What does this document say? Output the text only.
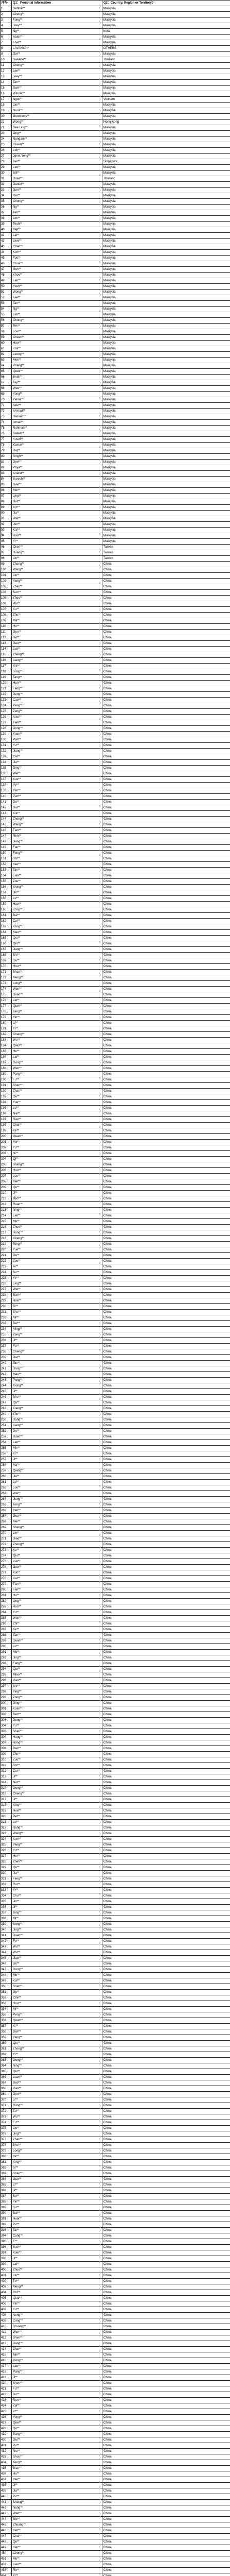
序号	Q1：Personal Information	Q2：Country, Region or Territory?
1	Debbie**	Malaysia
2	Cheng**	Malaysia
3	Fong**	Malaysia
4	Joey**	Malaysia
5	Ng**	India
6	Aban**	Malaysia
7	Low**	Malaysia
8	LAVANYA**	OTHERS
9	Dai**	Malaysia
10	Sweetie**	Thailand
11	Cheng**	Malaysia
12	Lee**	Malaysia
13	Joey**	Malaysia
14	Tan**	Malaysia
15	Sam**	Malaysia
16	Winnie**	Malaysia
17	Ngoc**	Vietnam
18	Lim**	Malaysia
19	Nurul**	Malaysia
20	Goodness**	Malaysia
21	Wong**	Hong Kong
22	Bee Ling**	Malaysia
23	Ong**	Malaysia
24	Rangam**	Malaysia
25	Kasen**	Malaysia
26	Loh**	Malaysia
27	Janet Yong**	Malaysia
28	Tan**	Singapore
29	Lee**	Malaysia
30	Siti**	Malaysia
31	Rose**	Thailand
32	Daniel**	Malaysia
33	Gan**	Malaysia
34	Ooi**	Malaysia
35	Chong**	Malaysia
36	Ng**	Malaysia
37	Tan**	Malaysia
38	Lim**	Malaysia
39	Teoh**	Malaysia
40	Yap**	Malaysia
41	Lai**	Malaysia
42	Liew**	Malaysia
43	Chan**	Malaysia
44	Koh**	Malaysia
45	Foo**	Malaysia
46	Chua**	Malaysia
47	Goh**	Malaysia
48	Khoo**	Malaysia
49	Lau**	Malaysia
50	Yeoh**	Malaysia
51	Wong**	Malaysia
52	Lee**	Malaysia
53	Tan**	Malaysia
54	Ng**	Malaysia
55	Lim**	Malaysia
56	Chong**	Malaysia
57	Teh**	Malaysia
58	Low**	Malaysia
59	Cheah**	Malaysia
60	Hoo**	Malaysia
61	Kok**	Malaysia
62	Leong**	Malaysia
63	Mok**	Malaysia
64	Phang**	Malaysia
65	Quek**	Malaysia
66	Seah**	Malaysia
67	Tay**	Malaysia
68	Wee**	Malaysia
69	Yong**	Malaysia
70	Zainal**	Malaysia
71	Aziz**	Malaysia
72	Ahmad**	Malaysia
73	Hassan**	Malaysia
74	Ismail**	Malaysia
75	Rahman**	Malaysia
76	Salleh**	Malaysia
77	Yusof**	Malaysia
78	Kumar**	Malaysia
79	Raj**	Malaysia
80	Singh**	Malaysia
81	Devi**	Malaysia
82	Priya**	Malaysia
83	Anand**	Malaysia
84	Suresh**	Malaysia
85	Ravi**	Malaysia
86	Mei**	Malaysia
87	Ling**	Malaysia
88	Hui**	Malaysia
89	Xin**	Malaysia
90	Jia**	Malaysia
91	Wei**	Malaysia
92	Jun**	Malaysia
93	Kai**	Malaysia
94	Hao**	Malaysia
95	Yi**	Malaysia
96	Chen**	Taiwan
97	Huang**	Taiwan
98	Lin**	Taiwan
99	Zhang**	China
100	Wang**	China
101	Liu**	China
102	Yang**	China
103	Zhao**	China
104	Sun**	China
105	Zhou**	China
106	Wu**	China
107	Xu**	China
108	Zhu**	China
109	Ma**	China
110	Hu**	China
111	Guo**	China
112	He**	China
113	Gao**	China
114	Luo**	China
115	Zheng**	China
116	Liang**	China
117	Xie**	China
118	Song**	China
119	Tang**	China
120	Han**	China
121	Feng**	China
122	Deng**	China
123	Cao**	China
124	Peng**	China
125	Zeng**	China
126	Xiao**	China
127	Tian**	China
128	Dong**	China
129	Yuan**	China
130	Pan**	China
131	Yu**	China
132	Jiang**	China
133	Cai**	China
134	Jia**	China
135	Ding**	China
136	Wei**	China
137	Xue**	China
138	Ye**	China
139	Yan**	China
140	Pan**	China
141	Du**	China
142	Dai**	China
143	Xia**	China
144	Zhong**	China
145	Wang**	China
146	Tian**	China
147	Ren**	China
148	Jiang**	China
149	Fan**	China
150	Fang**	China
151	Shi**	China
152	Yao**	China
153	Tan**	China
154	Liao**	China
155	Zou**	China
156	Xiong**	China
157	Jin**	China
158	Lu**	China
159	Hao**	China
160	Kong**	China
161	Bai**	China
162	Cui**	China
163	Kang**	China
164	Mao**	China
165	Qiu**	China
166	Qin**	China
167	Jiang**	China
168	Shi**	China
169	Gu**	China
170	Hou**	China
171	Shao**	China
172	Meng**	China
173	Long**	China
174	Wan**	China
175	Duan**	China
176	Lei**	China
177	Qian**	China
178	Tang**	China
179	Yin**	China
180	Li**	China
181	Yi**	China
182	Chang**	China
183	Wu**	China
184	Qiao**	China
185	He**	China
186	Lai**	China
187	Gong**	China
188	Wen**	China
189	Pang**	China
190	Fu**	China
191	Shen**	China
192	Zhan**	China
193	Ou**	China
194	Yue**	China
195	Lu**	China
196	Nie**	China
197	Rao**	China
198	Chai**	China
199	Ke**	China
200	Guan**	China
201	Ma**	China
202	Yu**	China
203	Ni**	China
204	Qi**	China
205	Shang**	China
206	Huo**	China
207	Lou**	China
208	Yan**	China
209	Qu**	China
210	Ji**	China
211	Bao**	China
212	Ruan**	China
213	Ning**	China
214	Lan**	China
215	Mu**	China
216	Zhuo**	China
217	Hong**	China
218	Cheng**	China
219	Tong**	China
220	Yue**	China
221	Ge**	China
222	Zuo**	China
223	Ai**	China
224	Su**	China
225	Ye**	China
226	Ling**	China
227	Wei**	China
228	Ban**	China
229	Hua**	China
230	Bi**	China
231	Shu**	China
232	Mi**	China
233	Bei**	China
234	Ming**	China
235	Zang**	China
236	Ji**	China
237	Fu**	China
238	Cheng**	China
239	Dai**	China
240	Tan**	China
241	Song**	China
242	Mao**	China
243	Pang**	China
244	Xiong**	China
245	Ji**	China
246	Shu**	China
247	Qu**	China
248	Xiang**	China
249	Zhu**	China
250	Dong**	China
251	Liang**	China
252	Du**	China
253	Ruan**	China
254	Lan**	China
255	Min**	China
256	Xi**	China
257	Ji**	China
258	Ma**	China
259	Qiang**	China
260	Jia**	China
261	Lu**	China
262	Lou**	China
263	Wei**	China
264	Jiang**	China
265	Tong**	China
266	Yan**	China
267	Guo**	China
268	Mei**	China
269	Sheng**	China
270	Lin**	China
271	Diao**	China
272	Zhong**	China
273	Xu**	China
274	Qiu**	China
275	Luo**	China
276	Gao**	China
277	Xia**	China
278	Cai**	China
279	Tian**	China
280	Fan**	China
281	Hu**	China
282	Ling**	China
283	Huo**	China
284	Yu**	China
285	Wan**	China
286	Zhi**	China
287	Ke**	China
288	Zan**	China
289	Guan**	China
290	Lu**	China
291	Mo**	China
292	Jing**	China
293	Fang**	China
294	Qiu**	China
295	Miao**	China
296	Gan**	China
297	Xie**	China
298	Ying**	China
299	Zong**	China
300	Ding**	China
301	Xuan**	China
302	Ben**	China
303	Deng**	China
304	Yu**	China
305	Shan**	China
306	Hang**	China
307	Hong**	China
308	Bao**	China
309	Zhu**	China
310	Zuo**	China
311	Shi**	China
312	Cui**	China
313	Ji**	China
314	Niu**	China
315	Gong**	China
316	Cheng**	China
317	Ji**	China
318	Xing**	China
319	Hua**	China
320	Pei**	China
321	Lu**	China
322	Rong**	China
323	Weng**	China
324	Xun**	China
325	Yang**	China
326	Yu**	China
327	Hui**	China
328	Zhen**	China
329	Qu**	China
330	Jia**	China
331	Feng**	China
332	Rui**	China
333	Yi**	China
334	Chu**	China
335	Jin**	China
336	Ji**	China
337	Bing**	China
338	Mi**	China
339	Song**	China
340	Jing**	China
341	Duan**	China
342	Fu**	China
343	Wu**	China
344	Wu**	China
345	Jiao**	China
346	Ba**	China
347	Gong**	China
348	Mu**	China
349	Kui**	China
350	Shan**	China
351	Gu**	China
352	Che**	China
353	Hou**	China
354	Mi**	China
355	Peng**	China
356	Quan**	China
357	Xi**	China
358	Ban**	China
359	Yang**	China
360	Qiu**	China
361	Zhong**	China
362	Yi**	China
363	Gong**	China
364	Ning**	China
365	Qiu**	China
366	Luan**	China
367	Bao**	China
368	Gan**	China
369	Dou**	China
370	Li**	China
371	Rong**	China
372	Zu**	China
373	Wu**	China
374	Fu**	China
375	Liu**	China
376	Jing**	China
377	Zhan**	China
378	Shu**	China
379	Long**	China
380	Ye**	China
381	Xing**	China
382	Si**	China
383	Shao**	China
384	Gao**	China
385	Li**	China
386	Ji**	China
387	Bo**	China
388	Yin**	China
389	Su**	China
390	Bai**	China
391	Huai**	China
392	Pu**	China
393	Tai**	China
394	Cong**	China
395	E**	China
396	Suo**	China
397	Xian**	China
398	Ji**	China
399	Lai**	China
400	Zhuo**	China
401	Lin**	China
402	Tu**	China
403	Meng**	China
404	Chi**	China
405	Qiao**	China
406	Yin**	China
407	Yu**	China
408	Neng**	China
409	Cang**	China
410	Shuang**	China
411	Wen**	China
412	Shen**	China
413	Dang**	China
414	Zhai**	China
415	Tan**	China
416	Gong**	China
417	Lao**	China
418	Pang**	China
419	Ji**	China
420	Shen**	China
421	Fu**	China
422	Du**	China
423	Ran**	China
424	Zai**	China
425	Li**	China
426	Yong**	China
427	Que**	China
428	Qu**	China
429	Sang**	China
430	Gui**	China
431	Pu**	China
432	Niu**	China
433	Shou**	China
434	Tong**	China
435	Bian**	China
436	Hu**	China
437	Yan**	China
438	Ji**	China
439	Jia**	China
440	Pu**	China
441	Shang**	China
442	Nong**	China
443	Wen**	China
444	Bie**	China
445	Zhuang**	China
446	Yan**	China
447	Chai**	China
448	Qu**	China
449	Yan**	China
450	Chong**	China
451	Mu**	China
452	Lian**	China
453	Ru**	China
454	Xi**	China
